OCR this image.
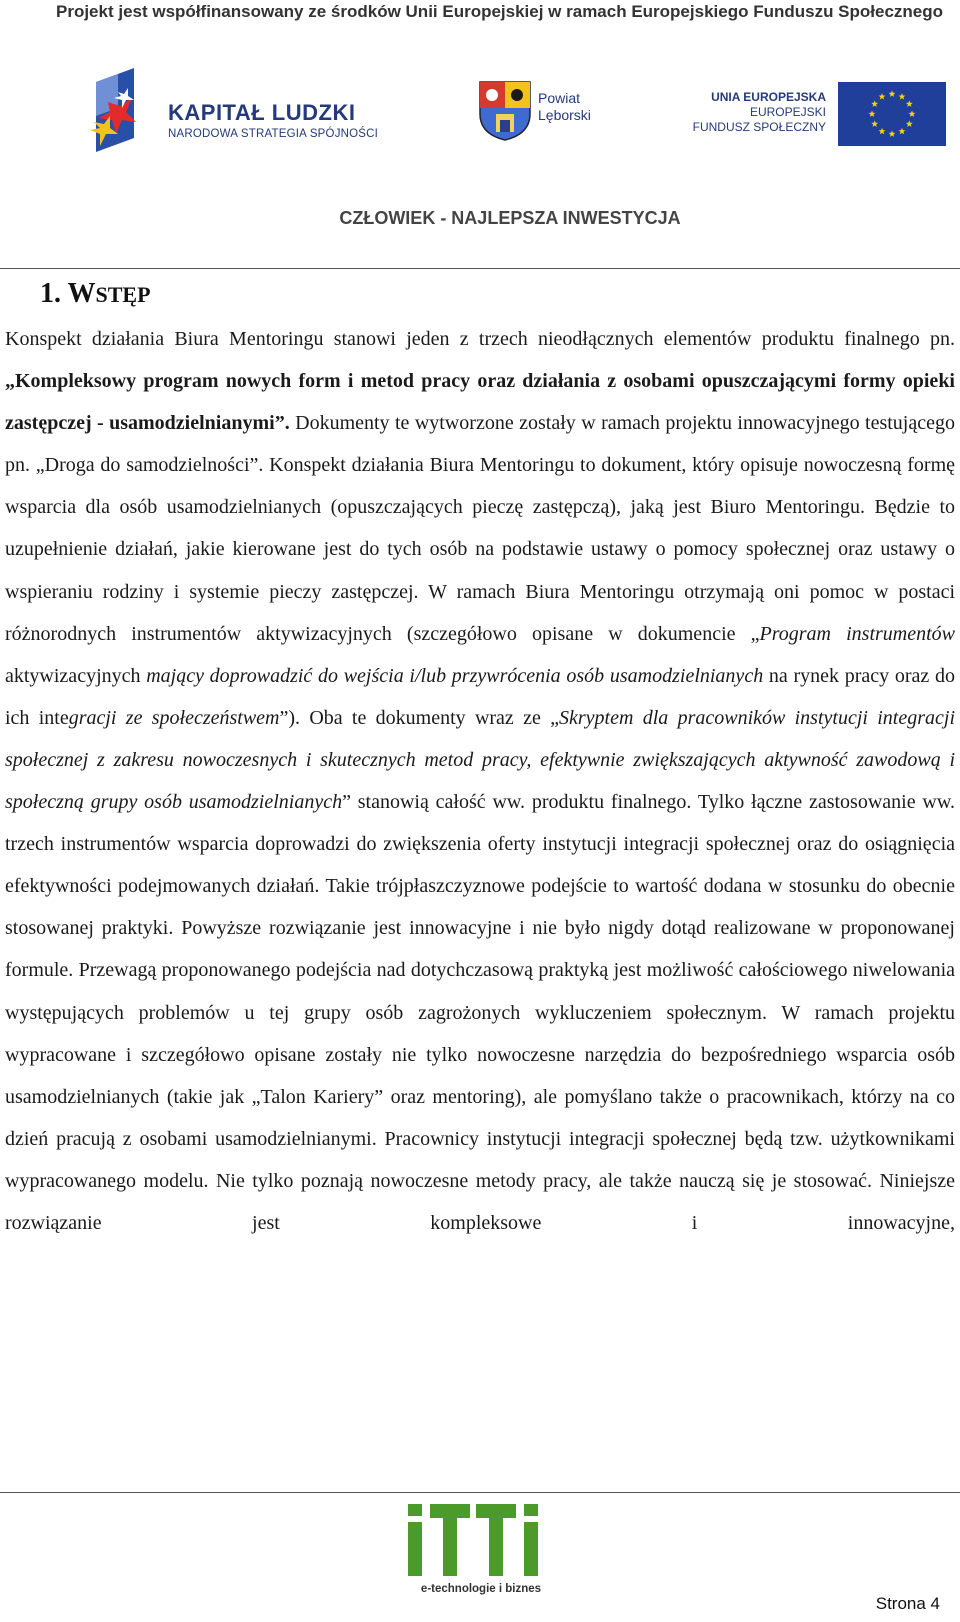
Projekt jest współfinansowany ze środków Unii Europejskiej w ramach Europejskiego Funduszu Społecznego
KAPITAŁ LUDZKI
NARODOWA STRATEGIA SPÓJNOŚCI
Powiat
Lęborski
UNIA EUROPEJSKA
EUROPEJSKI
FUNDUSZ SPOŁECZNY
CZŁOWIEK - NAJLEPSZA INWESTYCJA
1. WSTĘP
Konspekt działania Biura Mentoringu stanowi jeden z trzech nieodłącznych elementów produktu finalnego pn. „Kompleksowy program nowych form i metod pracy oraz działania z osobami opuszczającymi formy opieki zastępczej - usamodzielnianymi”. Dokumenty te wytworzone zostały w ramach projektu innowacyjnego testującego pn. „Droga do samodzielności”. Konspekt działania Biura Mentoringu to dokument, który opisuje nowoczesną formę wsparcia dla osób usamodzielnianych (opuszczających pieczę zastępczą), jaką jest Biuro Mentoringu. Będzie to uzupełnienie działań, jakie kierowane jest do tych osób na podstawie ustawy o pomocy społecznej oraz ustawy o wspieraniu rodziny i systemie pieczy zastępczej. W ramach Biura Mentoringu otrzymają oni pomoc w postaci różnorodnych instrumentów aktywizacyjnych (szczegółowo opisane w dokumencie „Program instrumentów aktywizacyjnych mający doprowadzić do wejścia i/lub przywrócenia osób usamodzielnianych na rynek pracy oraz do ich integracji ze społeczeństwem”). Oba te dokumenty wraz ze „Skryptem dla pracowników instytucji integracji społecznej z zakresu nowoczesnych i skutecznych metod pracy, efektywnie zwiększających aktywność zawodową i społeczną grupy osób usamodzielnianych” stanowią całość ww. produktu finalnego. Tylko łączne zastosowanie ww. trzech instrumentów wsparcia doprowadzi do zwiększenia oferty instytucji integracji społecznej oraz do osiągnięcia efektywności podejmowanych działań. Takie trójpłaszczyznowe podejście to wartość dodana w stosunku do obecnie stosowanej praktyki. Powyższe rozwiązanie jest innowacyjne i nie było nigdy dotąd realizowane w proponowanej formule. Przewagą proponowanego podejścia nad dotychczasową praktyką jest możliwość całościowego niwelowania występujących problemów u tej grupy osób zagrożonych wykluczeniem społecznym. W ramach projektu wypracowane i szczegółowo opisane zostały nie tylko nowoczesne narzędzia do bezpośredniego wsparcia osób usamodzielnianych (takie jak „Talon Kariery” oraz mentoring), ale pomyślano także o pracownikach, którzy na co dzień pracują z osobami usamodzielnianymi. Pracownicy instytucji integracji społecznej będą tzw. użytkownikami wypracowanego modelu. Nie tylko poznają nowoczesne metody pracy, ale także nauczą się je stosować. Niniejsze rozwiązanie jest kompleksowe i innowacyjne,
e-technologie i biznes
Strona 4
